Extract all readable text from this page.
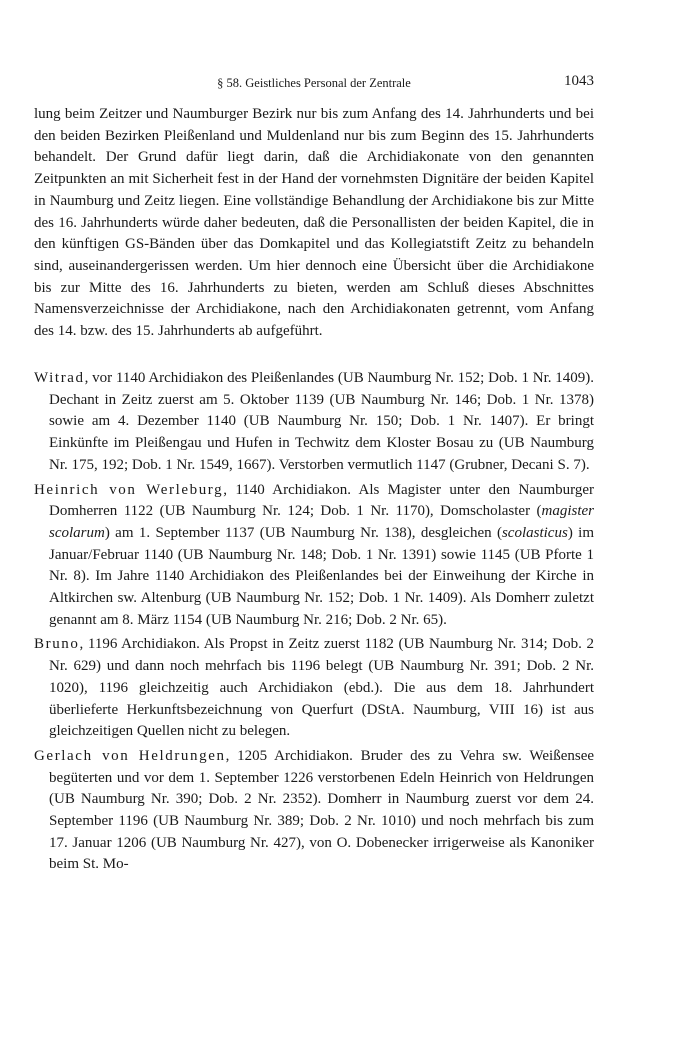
§ 58. Geistliches Personal der Zentrale	1043

lung beim Zeitzer und Naumburger Bezirk nur bis zum Anfang des 14. Jahrhunderts und bei den beiden Bezirken Pleißenland und Muldenland nur bis zum Beginn des 15. Jahrhunderts behandelt. Der Grund dafür liegt darin, daß die Archidiakonate von den genannten Zeitpunkten an mit Sicherheit fest in der Hand der vornehmsten Dignitäre der beiden Kapitel in Naumburg und Zeitz liegen. Eine vollständige Behandlung der Archidiakone bis zur Mitte des 16. Jahrhunderts würde daher bedeuten, daß die Personallisten der beiden Kapitel, die in den künftigen GS-Bänden über das Domkapitel und das Kollegiatstift Zeitz zu behandeln sind, auseinandergerissen werden. Um hier dennoch eine Übersicht über die Archidiakone bis zur Mitte des 16. Jahrhunderts zu bieten, werden am Schluß dieses Abschnittes Namensverzeichnisse der Archidiakone, nach den Archidiakonaten getrennt, vom Anfang des 14. bzw. des 15. Jahrhunderts ab aufgeführt.

Witrad, vor 1140 Archidiakon des Pleißenlandes (UB Naumburg Nr. 152; Dob. 1 Nr. 1409). Dechant in Zeitz zuerst am 5. Oktober 1139 (UB Naumburg Nr. 146; Dob. 1 Nr. 1378) sowie am 4. Dezember 1140 (UB Naumburg Nr. 150; Dob. 1 Nr. 1407). Er bringt Einkünfte im Pleißengau und Hufen in Techwitz dem Kloster Bosau zu (UB Naumburg Nr. 175, 192; Dob. 1 Nr. 1549, 1667). Verstorben vermutlich 1147 (Grubner, Decani S. 7).

Heinrich von Werleburg, 1140 Archidiakon. Als Magister unter den Naumburger Domherren 1122 (UB Naumburg Nr. 124; Dob. 1 Nr. 1170), Domscholaster (magister scolarum) am 1. September 1137 (UB Naumburg Nr. 138), desgleichen (scolasticus) im Januar/Februar 1140 (UB Naumburg Nr. 148; Dob. 1 Nr. 1391) sowie 1145 (UB Pforte 1 Nr. 8). Im Jahre 1140 Archidiakon des Pleißenlandes bei der Einweihung der Kirche in Altkirchen sw. Altenburg (UB Naumburg Nr. 152; Dob. 1 Nr. 1409). Als Domherr zuletzt genannt am 8. März 1154 (UB Naumburg Nr. 216; Dob. 2 Nr. 65).

Bruno, 1196 Archidiakon. Als Propst in Zeitz zuerst 1182 (UB Naumburg Nr. 314; Dob. 2 Nr. 629) und dann noch mehrfach bis 1196 belegt (UB Naumburg Nr. 391; Dob. 2 Nr. 1020), 1196 gleichzeitig auch Archidiakon (ebd.). Die aus dem 18. Jahrhundert überlieferte Herkunftsbezeichnung von Querfurt (DStA. Naumburg, VIII 16) ist aus gleichzeitigen Quellen nicht zu belegen.

Gerlach von Heldrungen, 1205 Archidiakon. Bruder des zu Vehra sw. Weißensee begüterten und vor dem 1. September 1226 verstorbenen Edeln Heinrich von Heldrungen (UB Naumburg Nr. 390; Dob. 2 Nr. 2352). Domherr in Naumburg zuerst vor dem 24. September 1196 (UB Naumburg Nr. 389; Dob. 2 Nr. 1010) und noch mehrfach bis zum 17. Januar 1206 (UB Naumburg Nr. 427), von O. Dobenecker irrigerweise als Kanoniker beim St. Mo-
